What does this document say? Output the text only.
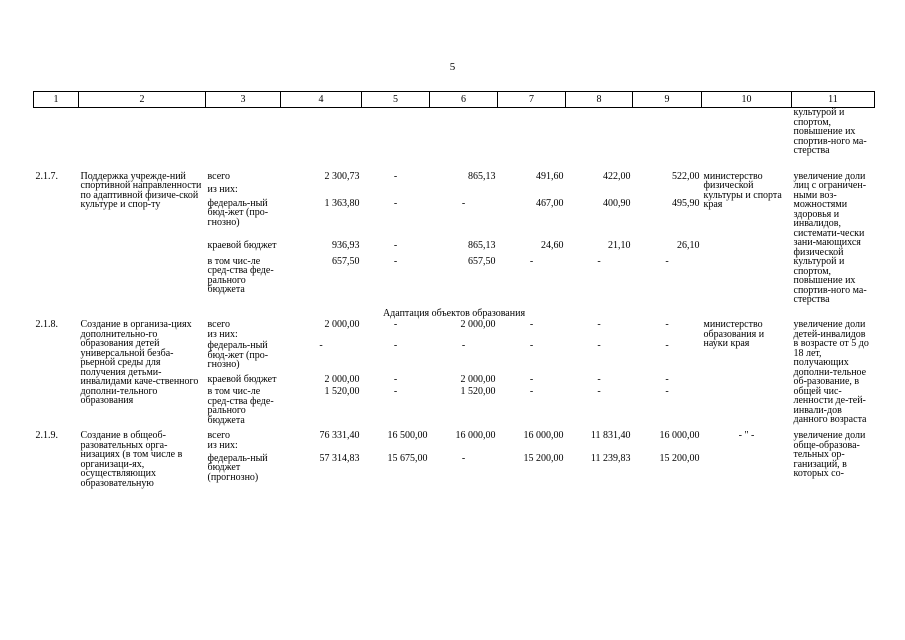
5
1	2	3	4	5	6	7	8	9	10	11
										культурой и спортом, повышение их спортив-ного ма-стерства
2.1.7.	Поддержка учрежде-ний спортивной направленности по адаптивной физиче-ской культуре и спор-ту	всего	2 300,73	-	865,13	491,60	422,00	522,00	министерство физической культуры и спорта края	увеличение доли лиц с ограничен-ными воз-можностями здоровья и инвалидов, системати-чески зани-мающихся физической культурой и спортом, повышение их спортив-ного ма-стерства
		из них:								
		федераль-ный бюд-жет (про-гнозно)	1 363,80	-	-	467,00	400,90	495,90		
		краевой бюджет	936,93	-	865,13	24,60	21,10	26,10		
		в том чис-ле сред-ства феде-рального бюджета	657,50	-	657,50	-	-	-		
Адаптация объектов образования										
2.1.8.	Создание в организа-циях дополнительно-го образования детей универсальной безба-рьерной среды для получения детьми-инвалидами каче-ственного дополни-тельного образования	всего	2 000,00	-	2 000,00	-	-	-	министерство образования и науки края	увеличение доли детей-инвалидов в возрасте от 5 до 18 лет, получающих дополни-тельное об-разование, в общей чис-ленности де-тей-инвали-дов данного возраста
		из них:								
		федераль-ный бюд-жет (про-гнозно)	-	-	-	-	-	-		
		краевой бюджет	2 000,00	-	2 000,00	-	-	-		
		в том чис-ле сред-ства феде-рального бюджета	1 520,00	-	1 520,00	-	-	-		
2.1.9.	Создание в общеоб-разовательных орга-низациях (в том числе в организаци-ях, осуществляющих образовательную	всего	76 331,40	16 500,00	16 000,00	16 000,00	11 831,40	16 000,00	- " -	увеличение доли обще-образова-тельных ор-ганизаций, в которых со-
		из них:								
		федераль-ный бюджет (прогнозно)	57 314,83	15 675,00	-	15 200,00	11 239,83	15 200,00		
